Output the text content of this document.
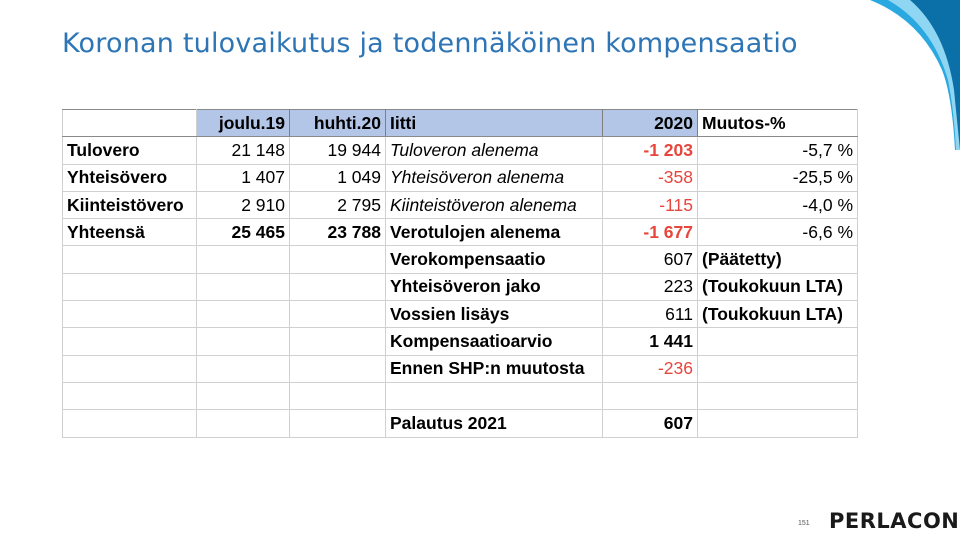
Koronan tulovaikutus ja todennäköinen kompensaatio
	joulu.19	huhti.20	Iitti	2020	Muutos-%
Tulovero	21 148	19 944	Tuloveron alenema	-1 203	-5,7 %
Yhteisövero	1 407	1 049	Yhteisöveron alenema	-358	-25,5 %
Kiinteistövero	2 910	2 795	Kiinteistöveron alenema	-115	-4,0 %
Yhteensä	25 465	23 788	Verotulojen alenema	-1 677	-6,6 %
			Verokompensaatio	607	(Päätetty)
			Yhteisöveron jako	223	(Toukokuun LTA)
			Vossien lisäys	611	(Toukokuun LTA)
			Kompensaatioarvio	1 441	
			Ennen SHP:n muutosta	-236	

			Palautus 2021	607	
151 PERLACON
